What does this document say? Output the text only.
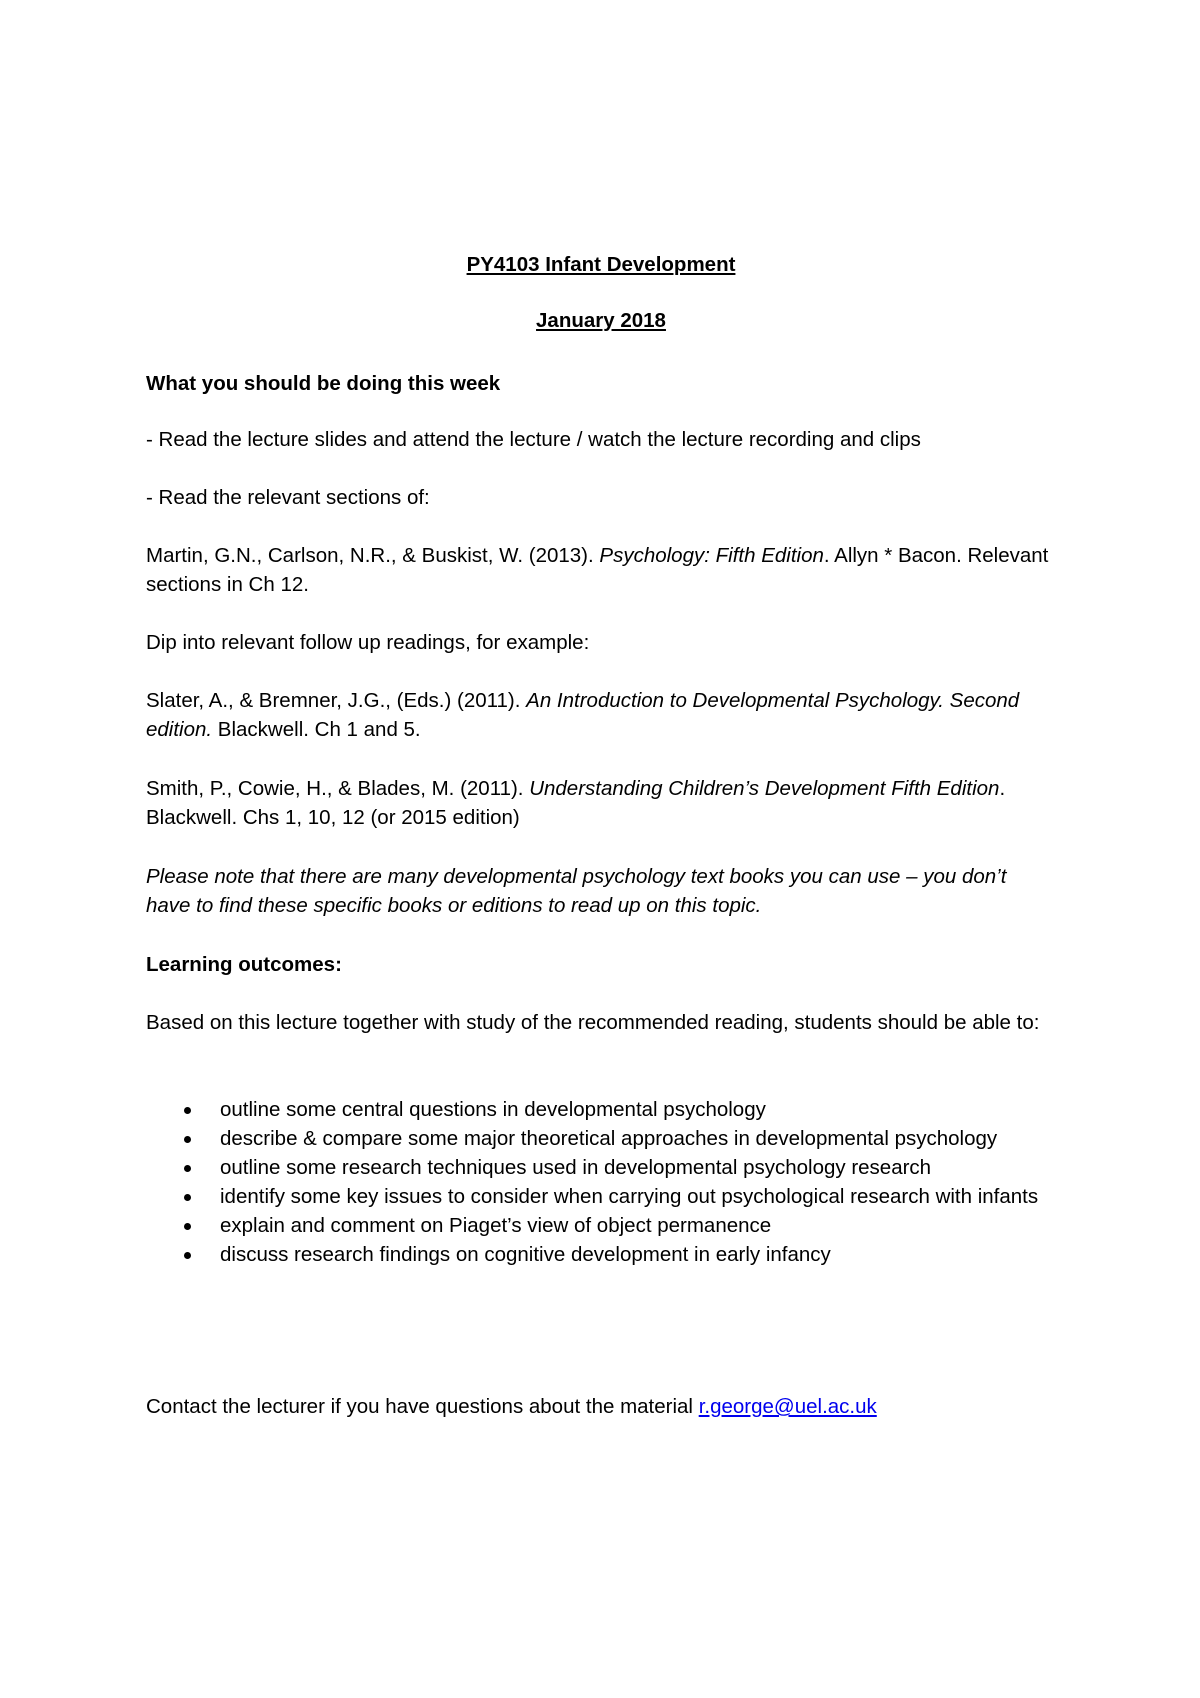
PY4103 Infant Development

January 2018

What you should be doing this week

- Read the lecture slides and attend the lecture / watch the lecture recording and clips

- Read the relevant sections of:

Martin, G.N., Carlson, N.R., & Buskist, W. (2013). Psychology: Fifth Edition. Allyn * Bacon. Relevant sections in Ch 12.

Dip into relevant follow up readings, for example:

Slater, A., & Bremner, J.G., (Eds.) (2011). An Introduction to Developmental Psychology. Second edition. Blackwell. Ch 1 and 5.

Smith, P., Cowie, H., & Blades, M. (2011). Understanding Children’s Development Fifth Edition. Blackwell. Chs 1, 10, 12 (or 2015 edition)

Please note that there are many developmental psychology text books you can use – you don’t have to find these specific books or editions to read up on this topic.

Learning outcomes:

Based on this lecture together with study of the recommended reading, students should be able to:

outline some central questions in developmental psychology
describe & compare some major theoretical approaches in developmental psychology
outline some research techniques used in developmental psychology research
identify some key issues to consider when carrying out psychological research with infants
explain and comment on Piaget’s view of object permanence
discuss research findings on cognitive development in early infancy

Contact the lecturer if you have questions about the material r.george@uel.ac.uk
